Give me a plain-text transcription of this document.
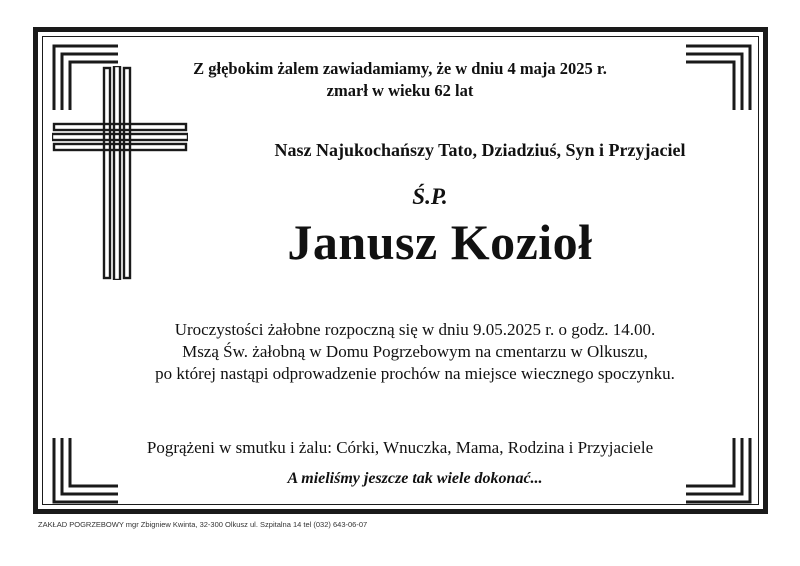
Z głębokim żalem zawiadamiamy, że w dniu 4 maja 2025 r.
zmarł w wieku 62 lat
Nasz Najukochańszy Tato, Dziadziuś, Syn i Przyjaciel
Ś.P.
Janusz Kozioł
Uroczystości żałobne rozpoczną się w dniu 9.05.2025 r. o godz. 14.00.
Mszą Św. żałobną w Domu Pogrzebowym na cmentarzu w Olkuszu,
po której nastąpi odprowadzenie prochów na miejsce wiecznego spoczynku.
Pogrążeni w smutku i żalu: Córki, Wnuczka, Mama, Rodzina i Przyjaciele
A mieliśmy jeszcze tak wiele dokonać...
ZAKŁAD POGRZEBOWY mgr Zbigniew Kwinta, 32-300 Olkusz ul. Szpitalna 14 tel (032) 643-06-07
